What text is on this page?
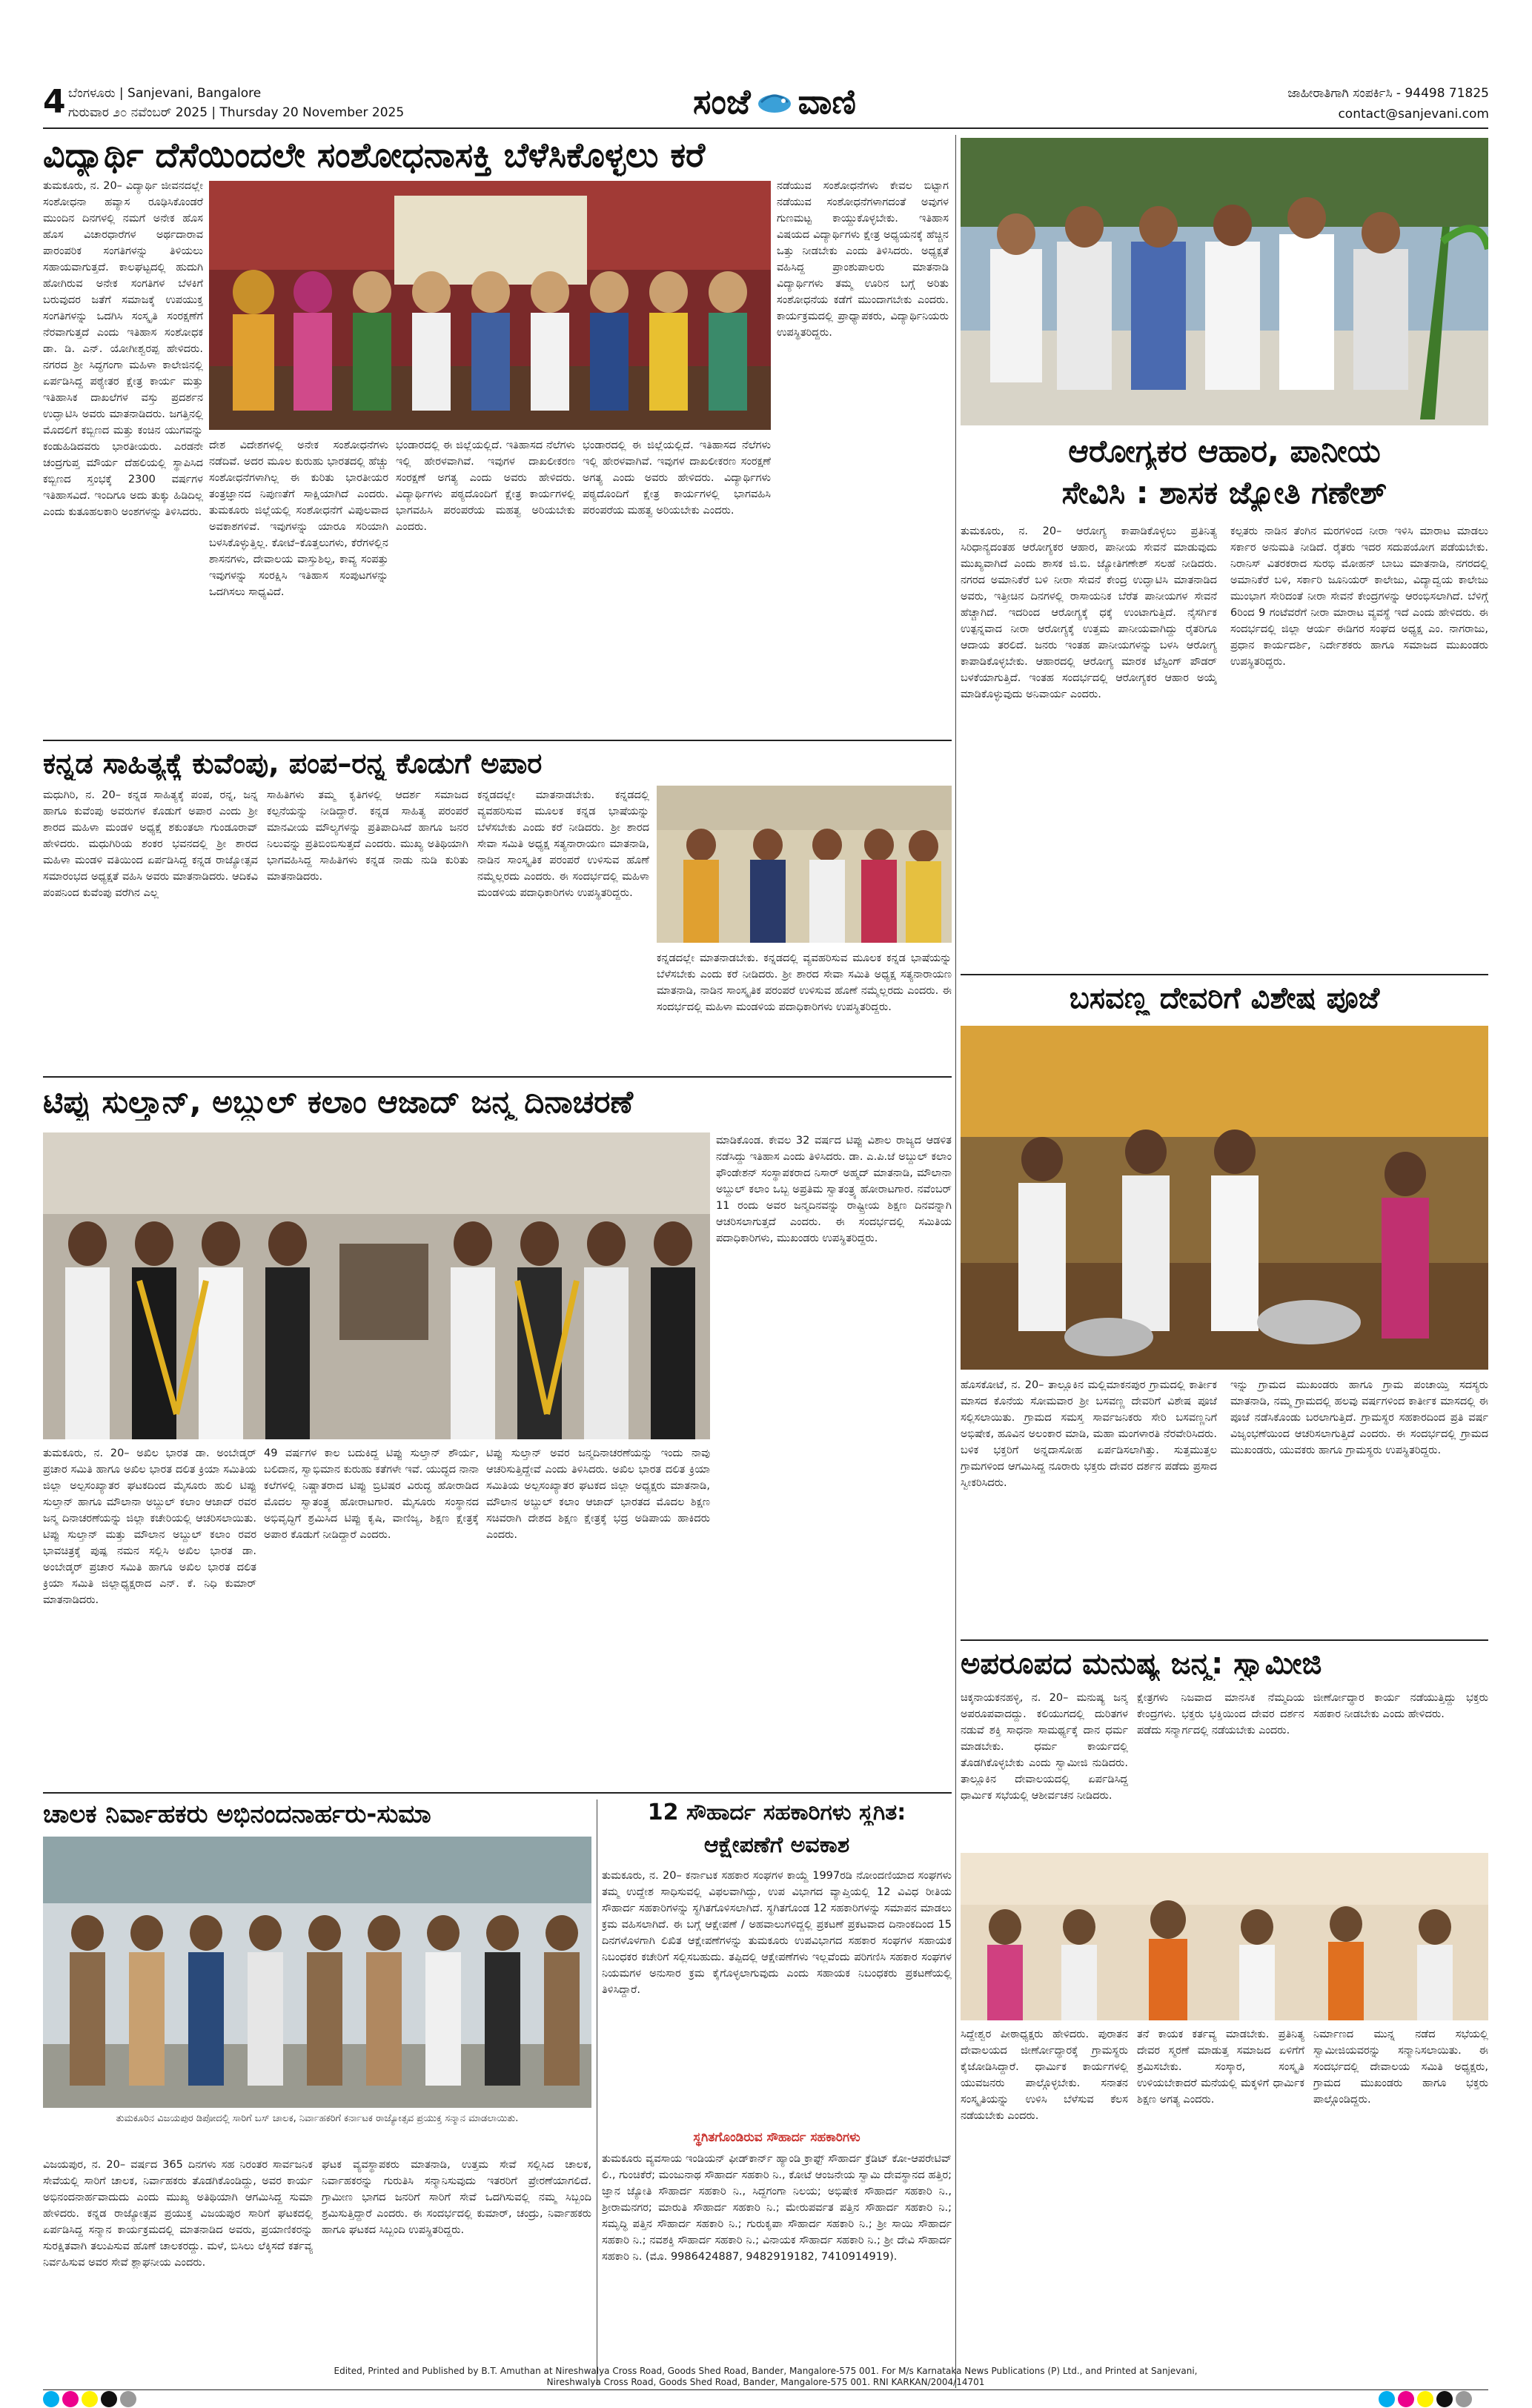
4 ಬೆಂಗಳೂರು | Sanjevani, Bangalore
ಗುರುವಾರ ೨೦ ನವೆಂಬರ್ 2025 | Thursday 20 November 2025	ಸಂಜೆ ವಾಣಿ	ಜಾಹೀರಾತಿಗಾಗಿ ಸಂಪರ್ಕಿಸಿ - 94498 71825
contact@sanjevani.com
ವಿದ್ಯಾರ್ಥಿ ದೆಸೆಯಿಂದಲೇ ಸಂಶೋಧನಾಸಕ್ತಿ ಬೆಳೆಸಿಕೊಳ್ಳಲು ಕರೆ
ತುಮಕೂರು, ನ. 20– ವಿದ್ಯಾರ್ಥಿ ಜೀವನದಲ್ಲೇ ಸಂಶೋಧನಾ ಹವ್ಯಾಸ ರೂಢಿಸಿಕೊಂಡರೆ ಮುಂದಿನ ದಿನಗಳಲ್ಲಿ ನಮಗೆ ಅನೇಕ ಹೊಸ ಹೊಸ ವಿಚಾರಧಾರೆಗಳ ಅರ್ಥದಾರಾವ ಪಾರಂಪರಿಕ ಸಂಗತಿಗಳನ್ನು ತಿಳಿಯಲು ಸಹಾಯವಾಗುತ್ತದೆ. ಕಾಲಘಟ್ಟದಲ್ಲಿ ಹುದುಗಿ ಹೋಗಿರುವ ಅನೇಕ ಸಂಗತಿಗಳ ಬೆಳಕಿಗೆ ಬರುವುದರ ಜತೆಗೆ ಸಮಾಜಕ್ಕೆ ಉಪಯುಕ್ತ ಸಂಗತಿಗಳನ್ನು ಒದಗಿಸಿ ಸಂಸ್ಕೃತಿ ಸಂರಕ್ಷಣೆಗೆ ನೆರವಾಗುತ್ತದೆ ಎಂದು ಇತಿಹಾಸ ಸಂಶೋಧಕ ಡಾ. ಡಿ. ಎನ್. ಯೋಗೀಶ್ವರಪ್ಪ ಹೇಳಿದರು. ನಗರದ ಶ್ರೀ ಸಿದ್ಧಗಂಗಾ ಮಹಿಳಾ ಕಾಲೇಜಿನಲ್ಲಿ ಏರ್ಪಡಿಸಿದ್ದ ಪಠ್ಯೇತರ ಕ್ಷೇತ್ರ ಕಾರ್ಯ ಮತ್ತು ಇತಿಹಾಸಿಕ ದಾಖಲೆಗಳ ವಸ್ತು ಪ್ರದರ್ಶನ ಉದ್ಘಾಟಿಸಿ ಅವರು ಮಾತನಾಡಿದರು. ಜಗತ್ತಿನಲ್ಲಿ ಮೊದಲಿಗೆ ಕಬ್ಬಿಣದ ಮತ್ತು ಕಂಚಿನ ಯುಗವನ್ನು ಕಂಡುಹಿಡಿದವರು ಭಾರತೀಯರು. ಎರಡನೇ ಚಂದ್ರಗುಪ್ತ ಮೌರ್ಯ ದೆಹಲಿಯಲ್ಲಿ ಸ್ಥಾಪಿಸಿದ ಕಬ್ಬಿಣದ ಸ್ತಂಭಕ್ಕೆ 2300 ವರ್ಷಗಳ ಇತಿಹಾಸವಿದೆ. ಇಂದಿಗೂ ಅದು ತುಕ್ಕು ಹಿಡಿದಿಲ್ಲ ಎಂದು ಕುತೂಹಲಕಾರಿ ಅಂಶಗಳನ್ನು ತಿಳಿಸಿದರು.
ದೇಶ ವಿದೇಶಗಳಲ್ಲಿ ಅನೇಕ ಸಂಶೋಧನೆಗಳು ನಡೆದಿವೆ. ಅದರ ಮೂಲ ಕುರುಹು ಭಾರತದಲ್ಲಿ ಹೆಚ್ಚು ಸಂಶೋಧನೆಗಳಾಗಿಲ್ಲ ಈ ಕುರಿತು ಭಾರತೀಯರ ತಂತ್ರಜ್ಞಾನದ ನಿಪುಣತೆಗೆ ಸಾಕ್ಷಿಯಾಗಿದೆ ಎಂದರು. ತುಮಕೂರು ಜಿಲ್ಲೆಯಲ್ಲಿ ಸಂಶೋಧನೆಗೆ ವಿಪುಲವಾದ ಅವಕಾಶಗಳಿವೆ. ಇವುಗಳನ್ನು ಯಾರೂ ಸರಿಯಾಗಿ ಬಳಸಿಕೊಳ್ಳುತ್ತಿಲ್ಲ. ಕೋಟೆ–ಕೊತ್ತಲುಗಳು, ಕೆರೆಗಳಲ್ಲಿನ ಶಾಸನಗಳು, ದೇವಾಲಯ ವಾಸ್ತುಶಿಲ್ಪ, ಕಾವ್ಯ ಸಂಪತ್ತು ಇವುಗಳನ್ನು ಸಂರಕ್ಷಿಸಿ ಇತಿಹಾಸ ಸಂಪುಟಗಳನ್ನು ಒದಗಿಸಲು ಸಾಧ್ಯವಿದೆ.
ಭಂಡಾರದಲ್ಲಿ ಈ ಜಿಲ್ಲೆಯಲ್ಲಿದೆ. ಇತಿಹಾಸದ ನೆಲೆಗಳು ಇಲ್ಲಿ ಹೇರಳವಾಗಿವೆ. ಇವುಗಳ ದಾಖಲೀಕರಣ ಸಂರಕ್ಷಣೆ ಅಗತ್ಯ ಎಂದು ಅವರು ಹೇಳಿದರು. ವಿದ್ಯಾರ್ಥಿಗಳು ಪಠ್ಯದೊಂದಿಗೆ ಕ್ಷೇತ್ರ ಕಾರ್ಯಗಳಲ್ಲಿ ಭಾಗವಹಿಸಿ ಪರಂಪರೆಯ ಮಹತ್ವ ಅರಿಯಬೇಕು ಎಂದರು.
ನಡೆಯುವ ಸಂಶೋಧನೆಗಳು ಕೇವಲ ಬಿಟ್ಟಾಗ ನಡೆಯುವ ಸಂಶೋಧನೆಗಳಾಗದಂತೆ ಅವುಗಳ ಗುಣಮಟ್ಟ ಕಾಯ್ದುಕೊಳ್ಳಬೇಕು. ಇತಿಹಾಸ ವಿಷಯದ ವಿದ್ಯಾರ್ಥಿಗಳು ಕ್ಷೇತ್ರ ಅಧ್ಯಯನಕ್ಕೆ ಹೆಚ್ಚಿನ ಒತ್ತು ನೀಡಬೇಕು ಎಂದು ತಿಳಿಸಿದರು. ಅಧ್ಯಕ್ಷತೆ ವಹಿಸಿದ್ದ ಪ್ರಾಂಶುಪಾಲರು ಮಾತನಾಡಿ ವಿದ್ಯಾರ್ಥಿಗಳು ತಮ್ಮ ಊರಿನ ಬಗ್ಗೆ ಅರಿತು ಸಂಶೋಧನೆಯ ಕಡೆಗೆ ಮುಂದಾಗಬೇಕು ಎಂದರು. ಕಾರ್ಯಕ್ರಮದಲ್ಲಿ ಪ್ರಾಧ್ಯಾಪಕರು, ವಿದ್ಯಾರ್ಥಿನಿಯರು ಉಪಸ್ಥಿತರಿದ್ದರು.
ಭಂಡಾರದಲ್ಲಿ ಈ ಜಿಲ್ಲೆಯಲ್ಲಿದೆ. ಇತಿಹಾಸದ ನೆಲೆಗಳು ಇಲ್ಲಿ ಹೇರಳವಾಗಿವೆ. ಇವುಗಳ ದಾಖಲೀಕರಣ ಸಂರಕ್ಷಣೆ ಅಗತ್ಯ ಎಂದು ಅವರು ಹೇಳಿದರು. ವಿದ್ಯಾರ್ಥಿಗಳು ಪಠ್ಯದೊಂದಿಗೆ ಕ್ಷೇತ್ರ ಕಾರ್ಯಗಳಲ್ಲಿ ಭಾಗವಹಿಸಿ ಪರಂಪರೆಯ ಮಹತ್ವ ಅರಿಯಬೇಕು ಎಂದರು.
ಆರೋಗ್ಯಕರ ಆಹಾರ, ಪಾನೀಯ
ಸೇವಿಸಿ : ಶಾಸಕ ಜ್ಯೋತಿ ಗಣೇಶ್
ತುಮಕೂರು, ನ. 20– ಆರೋಗ್ಯ ಕಾಪಾಡಿಕೊಳ್ಳಲು ಪ್ರತಿನಿತ್ಯ ಸಿರಿಧಾನ್ಯದಂತಹ ಆರೋಗ್ಯಕರ ಆಹಾರ, ಪಾನೀಯ ಸೇವನೆ ಮಾಡುವುದು ಮುಖ್ಯವಾಗಿದೆ ಎಂದು ಶಾಸಕ ಜಿ.ಬಿ. ಜ್ಯೋತಿಗಣೇಶ್ ಸಲಹೆ ನೀಡಿದರು. ನಗರದ ಅಮಾನಿಕೆರೆ ಬಳಿ ನೀರಾ ಸೇವನೆ ಕೇಂದ್ರ ಉದ್ಘಾಟಿಸಿ ಮಾತನಾಡಿದ ಅವರು, ಇತ್ತೀಚಿನ ದಿನಗಳಲ್ಲಿ ರಾಸಾಯನಿಕ ಬೆರೆತ ಪಾನೀಯಗಳ ಸೇವನೆ ಹೆಚ್ಚಾಗಿದೆ. ಇದರಿಂದ ಆರೋಗ್ಯಕ್ಕೆ ಧಕ್ಕೆ ಉಂಟಾಗುತ್ತಿದೆ. ನೈಸರ್ಗಿಕ ಉತ್ಪನ್ನವಾದ ನೀರಾ ಆರೋಗ್ಯಕ್ಕೆ ಉತ್ತಮ ಪಾನೀಯವಾಗಿದ್ದು ರೈತರಿಗೂ ಆದಾಯ ತರಲಿದೆ. ಜನರು ಇಂತಹ ಪಾನೀಯಗಳನ್ನು ಬಳಸಿ ಆರೋಗ್ಯ ಕಾಪಾಡಿಕೊಳ್ಳಬೇಕು. ಆಹಾರದಲ್ಲಿ ಆರೋಗ್ಯ ಮಾರಕ ಟೆಸ್ಟಿಂಗ್ ಪೌಡರ್ ಬಳಕೆಯಾಗುತ್ತಿದೆ. ಇಂತಹ ಸಂದರ್ಭದಲ್ಲಿ ಆರೋಗ್ಯಕರ ಆಹಾರ ಅಯ್ಕೆ ಮಾಡಿಕೊಳ್ಳುವುದು ಅನಿವಾರ್ಯ ಎಂದರು.
ಕಲ್ಪತರು ನಾಡಿನ ತೆಂಗಿನ ಮರಗಳಿಂದ ನೀರಾ ಇಳಿಸಿ ಮಾರಾಟ ಮಾಡಲು ಸರ್ಕಾರ ಅನುಮತಿ ನೀಡಿದೆ. ರೈತರು ಇದರ ಸದುಪಯೋಗ ಪಡೆಯಬೇಕು. ನಿರಾನಿಸ್ ವಿತರಕರಾದ ಸುರಭಿ ಮೋಹನ್ ಬಾಬು ಮಾತನಾಡಿ, ನಗರದಲ್ಲಿ ಅಮಾನಿಕೆರೆ ಬಳಿ, ಸರ್ಕಾರಿ ಜೂನಿಯರ್ ಕಾಲೇಜು, ವಿದ್ಯಾದ್ವಯ ಕಾಲೇಜು ಮುಂಭಾಗ ಸೇರಿದಂತೆ ನೀರಾ ಸೇವನೆ ಕೇಂದ್ರಗಳನ್ನು ಆರಂಭಿಸಲಾಗಿದೆ. ಬೆಳಿಗ್ಗೆ 6ರಿಂದ 9 ಗಂಟೆವರೆಗೆ ನೀರಾ ಮಾರಾಟ ವ್ಯವಸ್ಥೆ ಇದೆ ಎಂದು ಹೇಳಿದರು. ಈ ಸಂದರ್ಭದಲ್ಲಿ ಜಿಲ್ಲಾ ಆರ್ಯ ಈಡಿಗರ ಸಂಘದ ಅಧ್ಯಕ್ಷ ಎಂ. ನಾಗರಾಜು, ಪ್ರಧಾನ ಕಾರ್ಯದರ್ಶಿ, ನಿರ್ದೇಶಕರು ಹಾಗೂ ಸಮಾಜದ ಮುಖಂಡರು ಉಪಸ್ಥಿತರಿದ್ದರು.
ಕನ್ನಡ ಸಾಹಿತ್ಯಕ್ಕೆ ಕುವೆಂಪು, ಪಂಪ–ರನ್ನ ಕೊಡುಗೆ ಅಪಾರ
ಮಧುಗಿರಿ, ನ. 20– ಕನ್ನಡ ಸಾಹಿತ್ಯಕ್ಕೆ ಪಂಪ, ರನ್ನ, ಜನ್ನ ಹಾಗೂ ಕುವೆಂಪು ಅವರುಗಳ ಕೊಡುಗೆ ಅಪಾರ ಎಂದು ಶ್ರೀ ಶಾರದ ಮಹಿಳಾ ಮಂಡಳಿ ಅಧ್ಯಕ್ಷೆ ಶಕುಂತಲಾ ಗುಂಡೂರಾವ್ ಹೇಳಿದರು. ಮಧುಗಿರಿಯ ಶಂಕರ ಭವನದಲ್ಲಿ ಶ್ರೀ ಶಾರದ ಮಹಿಳಾ ಮಂಡಳಿ ವತಿಯಿಂದ ಏರ್ಪಡಿಸಿದ್ದ ಕನ್ನಡ ರಾಜ್ಯೋತ್ಸವ ಸಮಾರಂಭದ ಅಧ್ಯಕ್ಷತೆ ವಹಿಸಿ ಅವರು ಮಾತನಾಡಿದರು. ಆದಿಕವಿ ಪಂಪನಿಂದ ಕುವೆಂಪು ವರೆಗಿನ ಎಲ್ಲ
ಸಾಹಿತಿಗಳು ತಮ್ಮ ಕೃತಿಗಳಲ್ಲಿ ಆದರ್ಶ ಸಮಾಜದ ಕಲ್ಪನೆಯನ್ನು ನೀಡಿದ್ದಾರೆ. ಕನ್ನಡ ಸಾಹಿತ್ಯ ಪರಂಪರೆ ಮಾನವೀಯ ಮೌಲ್ಯಗಳನ್ನು ಪ್ರತಿಪಾದಿಸಿದೆ ಹಾಗೂ ಜನರ ನಿಲುವನ್ನು ಪ್ರತಿಬಿಂಬಿಸುತ್ತದೆ ಎಂದರು. ಮುಖ್ಯ ಅತಿಥಿಯಾಗಿ ಭಾಗವಹಿಸಿದ್ದ ಸಾಹಿತಿಗಳು ಕನ್ನಡ ನಾಡು ನುಡಿ ಕುರಿತು ಮಾತನಾಡಿದರು.
ಕನ್ನಡದಲ್ಲೇ ಮಾತನಾಡಬೇಕು. ಕನ್ನಡದಲ್ಲಿ ವ್ಯವಹರಿಸುವ ಮೂಲಕ ಕನ್ನಡ ಭಾಷೆಯನ್ನು ಬೆಳೆಸಬೇಕು ಎಂದು ಕರೆ ನೀಡಿದರು. ಶ್ರೀ ಶಾರದ ಸೇವಾ ಸಮಿತಿ ಅಧ್ಯಕ್ಷ ಸತ್ಯನಾರಾಯಣ ಮಾತನಾಡಿ, ನಾಡಿನ ಸಾಂಸ್ಕೃತಿಕ ಪರಂಪರೆ ಉಳಿಸುವ ಹೊಣೆ ನಮ್ಮೆಲ್ಲರದು ಎಂದರು. ಈ ಸಂದರ್ಭದಲ್ಲಿ ಮಹಿಳಾ ಮಂಡಳಿಯ ಪದಾಧಿಕಾರಿಗಳು ಉಪಸ್ಥಿತರಿದ್ದರು.
ಕನ್ನಡದಲ್ಲೇ ಮಾತನಾಡಬೇಕು. ಕನ್ನಡದಲ್ಲಿ ವ್ಯವಹರಿಸುವ ಮೂಲಕ ಕನ್ನಡ ಭಾಷೆಯನ್ನು ಬೆಳೆಸಬೇಕು ಎಂದು ಕರೆ ನೀಡಿದರು. ಶ್ರೀ ಶಾರದ ಸೇವಾ ಸಮಿತಿ ಅಧ್ಯಕ್ಷ ಸತ್ಯನಾರಾಯಣ ಮಾತನಾಡಿ, ನಾಡಿನ ಸಾಂಸ್ಕೃತಿಕ ಪರಂಪರೆ ಉಳಿಸುವ ಹೊಣೆ ನಮ್ಮೆಲ್ಲರದು ಎಂದರು. ಈ ಸಂದರ್ಭದಲ್ಲಿ ಮಹಿಳಾ ಮಂಡಳಿಯ ಪದಾಧಿಕಾರಿಗಳು ಉಪಸ್ಥಿತರಿದ್ದರು.
ಟಿಪ್ಪು ಸುಲ್ತಾನ್, ಅಬ್ದುಲ್ ಕಲಾಂ ಆಜಾದ್ ಜನ್ಮ ದಿನಾಚರಣೆ
ಮಾಡಿಕೊಂಡ. ಕೇವಲ 32 ವರ್ಷದ ಟಿಪ್ಪು ವಿಶಾಲ ರಾಜ್ಯದ ಆಡಳಿತ ನಡೆಸಿದ್ದು ಇತಿಹಾಸ ಎಂದು ತಿಳಿಸಿದರು. ಡಾ. ಎ.ಪಿ.ಜೆ ಅಬ್ದುಲ್ ಕಲಾಂ ಫೌಂಡೇಶನ್ ಸಂಸ್ಥಾಪಕರಾದ ನಿಸಾರ್ ಅಹ್ಮದ್ ಮಾತನಾಡಿ, ಮೌಲಾನಾ ಅಬ್ದುಲ್ ಕಲಾಂ ಒಬ್ಬ ಅಪ್ರತಿಮ ಸ್ವಾತಂತ್ರ್ಯ ಹೋರಾಟಗಾರ. ನವೆಂಬರ್ 11 ರಂದು ಅವರ ಜನ್ಮದಿನವನ್ನು ರಾಷ್ಟ್ರೀಯ ಶಿಕ್ಷಣ ದಿನವನ್ನಾಗಿ ಆಚರಿಸಲಾಗುತ್ತದೆ ಎಂದರು. ಈ ಸಂದರ್ಭದಲ್ಲಿ ಸಮಿತಿಯ ಪದಾಧಿಕಾರಿಗಳು, ಮುಖಂಡರು ಉಪಸ್ಥಿತರಿದ್ದರು.
ತುಮಕೂರು, ನ. 20– ಅಖಿಲ ಭಾರತ ಡಾ. ಅಂಬೇಡ್ಕರ್ ಪ್ರಚಾರ ಸಮಿತಿ ಹಾಗೂ ಅಖಿಲ ಭಾರತ ದಲಿತ ಕ್ರಿಯಾ ಸಮಿತಿಯ ಜಿಲ್ಲಾ ಅಲ್ಪಸಂಖ್ಯಾತರ ಘಟಕದಿಂದ ಮೈಸೂರು ಹುಲಿ ಟಿಪ್ಪು ಸುಲ್ತಾನ್ ಹಾಗೂ ಮೌಲಾನಾ ಅಬ್ದುಲ್ ಕಲಾಂ ಆಜಾದ್ ರವರ ಜನ್ಮ ದಿನಾಚರಣೆಯನ್ನು ಜಿಲ್ಲಾ ಕಚೇರಿಯಲ್ಲಿ ಆಚರಿಸಲಾಯಿತು. ಟಿಪ್ಪು ಸುಲ್ತಾನ್ ಮತ್ತು ಮೌಲಾನ ಅಬ್ದುಲ್ ಕಲಾಂ ರವರ ಭಾವಚಿತ್ರಕ್ಕೆ ಪುಷ್ಪ ನಮನ ಸಲ್ಲಿಸಿ ಅಖಿಲ ಭಾರತ ಡಾ. ಅಂಬೇಡ್ಕರ್ ಪ್ರಚಾರ ಸಮಿತಿ ಹಾಗೂ ಅಖಿಲ ಭಾರತ ದಲಿತ ಕ್ರಿಯಾ ಸಮಿತಿ ಜಿಲ್ಲಾಧ್ಯಕ್ಷರಾದ ಎನ್. ಕೆ. ನಿಧಿ ಕುಮಾರ್ ಮಾತನಾಡಿದರು.
49 ವರ್ಷಗಳ ಕಾಲ ಬದುಕಿದ್ದ ಟಿಪ್ಪು ಸುಲ್ತಾನ್ ಶೌರ್ಯ, ಬಲಿದಾನ, ಸ್ವಾಭಿಮಾನ ಕುರುಹು ಕತೆಗಳೇ ಇವೆ. ಯುದ್ಧದ ನಾನಾ ಕಲೆಗಳಲ್ಲಿ ನಿಷ್ಣಾತರಾದ ಟಿಪ್ಪು ಬ್ರಿಟಿಷರ ವಿರುದ್ಧ ಹೋರಾಡಿದ ಮೊದಲ ಸ್ವಾತಂತ್ರ್ಯ ಹೋರಾಟಗಾರ. ಮೈಸೂರು ಸಂಸ್ಥಾನದ ಅಭಿವೃದ್ಧಿಗೆ ಶ್ರಮಿಸಿದ ಟಿಪ್ಪು ಕೃಷಿ, ವಾಣಿಜ್ಯ, ಶಿಕ್ಷಣ ಕ್ಷೇತ್ರಕ್ಕೆ ಅಪಾರ ಕೊಡುಗೆ ನೀಡಿದ್ದಾರೆ ಎಂದರು.
ಟಿಪ್ಪು ಸುಲ್ತಾನ್ ಅವರ ಜನ್ಮದಿನಾಚರಣೆಯನ್ನು ಇಂದು ನಾವು ಆಚರಿಸುತ್ತಿದ್ದೇವೆ ಎಂದು ತಿಳಿಸಿದರು. ಅಖಿಲ ಭಾರತ ದಲಿತ ಕ್ರಿಯಾ ಸಮಿತಿಯ ಅಲ್ಪಸಂಖ್ಯಾತರ ಘಟಕದ ಜಿಲ್ಲಾ ಅಧ್ಯಕ್ಷರು ಮಾತನಾಡಿ, ಮೌಲಾನ ಅಬ್ದುಲ್ ಕಲಾಂ ಆಜಾದ್ ಭಾರತದ ಮೊದಲ ಶಿಕ್ಷಣ ಸಚಿವರಾಗಿ ದೇಶದ ಶಿಕ್ಷಣ ಕ್ಷೇತ್ರಕ್ಕೆ ಭದ್ರ ಅಡಿಪಾಯ ಹಾಕಿದರು ಎಂದರು.
ಬಸವಣ್ಣ ದೇವರಿಗೆ ವಿಶೇಷ ಪೂಜೆ
ಹೊಸಕೋಟೆ, ನ. 20– ತಾಲ್ಲೂಕಿನ ಮಲ್ಲಿಮಾಕನಪುರ ಗ್ರಾಮದಲ್ಲಿ ಕಾರ್ತೀಕ ಮಾಸದ ಕೊನೆಯ ಸೋಮವಾರ ಶ್ರೀ ಬಸವಣ್ಣ ದೇವರಿಗೆ ವಿಶೇಷ ಪೂಜೆ ಸಲ್ಲಿಸಲಾಯಿತು. ಗ್ರಾಮದ ಸಮಸ್ತ ಸಾರ್ವಜನಿಕರು ಸೇರಿ ಬಸವಣ್ಣನಿಗೆ ಅಭಿಷೇಕ, ಹೂವಿನ ಅಲಂಕಾರ ಮಾಡಿ, ಮಹಾ ಮಂಗಳಾರತಿ ನೆರವೇರಿಸಿದರು. ಬಳಿಕ ಭಕ್ತರಿಗೆ ಅನ್ನದಾಸೋಹ ಏರ್ಪಡಿಸಲಾಗಿತ್ತು. ಸುತ್ತಮುತ್ತಲ ಗ್ರಾಮಗಳಿಂದ ಆಗಮಿಸಿದ್ದ ನೂರಾರು ಭಕ್ತರು ದೇವರ ದರ್ಶನ ಪಡೆದು ಪ್ರಸಾದ ಸ್ವೀಕರಿಸಿದರು.
ಇನ್ನು ಗ್ರಾಮದ ಮುಖಂಡರು ಹಾಗೂ ಗ್ರಾಮ ಪಂಚಾಯ್ತಿ ಸದಸ್ಯರು ಮಾತನಾಡಿ, ನಮ್ಮ ಗ್ರಾಮದಲ್ಲಿ ಹಲವು ವರ್ಷಗಳಿಂದ ಕಾರ್ತೀಕ ಮಾಸದಲ್ಲಿ ಈ ಪೂಜೆ ನಡೆಸಿಕೊಂಡು ಬರಲಾಗುತ್ತಿದೆ. ಗ್ರಾಮಸ್ಥರ ಸಹಕಾರದಿಂದ ಪ್ರತಿ ವರ್ಷ ವಿಜೃಂಭಣೆಯಿಂದ ಆಚರಿಸಲಾಗುತ್ತಿದೆ ಎಂದರು. ಈ ಸಂದರ್ಭದಲ್ಲಿ ಗ್ರಾಮದ ಮುಖಂಡರು, ಯುವಕರು ಹಾಗೂ ಗ್ರಾಮಸ್ಥರು ಉಪಸ್ಥಿತರಿದ್ದರು.
ಚಾಲಕ ನಿರ್ವಾಹಕರು ಅಭಿನಂದನಾರ್ಹರು-ಸುಮಾ
ತುಮಕೂರಿನ ವಿಜಯಪುರ ಡಿಪೋದಲ್ಲಿ ಸಾರಿಗೆ ಬಸ್ ಚಾಲಕ, ನಿರ್ವಾಹಕರಿಗೆ ಕರ್ನಾಟಕ ರಾಜ್ಯೋತ್ಸವ ಪ್ರಯುಕ್ತ ಸನ್ಮಾನ ಮಾಡಲಾಯಿತು.
ವಿಜಯಪುರ, ನ. 20– ವರ್ಷದ 365 ದಿನಗಳು ಸಹ ನಿರಂತರ ಸಾರ್ವಜನಿಕ ಸೇವೆಯಲ್ಲಿ ಸಾರಿಗೆ ಚಾಲಕ, ನಿರ್ವಾಹಕರು ತೊಡಗಿಕೊಂಡಿದ್ದು, ಅವರ ಕಾರ್ಯ ಅಭಿನಂದನಾರ್ಹವಾದುದು ಎಂದು ಮುಖ್ಯ ಅತಿಥಿಯಾಗಿ ಆಗಮಿಸಿದ್ದ ಸುಮಾ ಹೇಳಿದರು. ಕನ್ನಡ ರಾಜ್ಯೋತ್ಸವ ಪ್ರಯುಕ್ತ ವಿಜಯಪುರ ಸಾರಿಗೆ ಘಟಕದಲ್ಲಿ ಏರ್ಪಡಿಸಿದ್ದ ಸನ್ಮಾನ ಕಾರ್ಯಕ್ರಮದಲ್ಲಿ ಮಾತನಾಡಿದ ಅವರು, ಪ್ರಯಾಣಿಕರನ್ನು ಸುರಕ್ಷಿತವಾಗಿ ತಲುಪಿಸುವ ಹೊಣೆ ಚಾಲಕರದ್ದು. ಮಳೆ, ಬಿಸಿಲು ಲೆಕ್ಕಿಸದೆ ಕರ್ತವ್ಯ ನಿರ್ವಹಿಸುವ ಅವರ ಸೇವೆ ಶ್ಲಾಘನೀಯ ಎಂದರು.
ಘಟಕ ವ್ಯವಸ್ಥಾಪಕರು ಮಾತನಾಡಿ, ಉತ್ತಮ ಸೇವೆ ಸಲ್ಲಿಸಿದ ಚಾಲಕ, ನಿರ್ವಾಹಕರನ್ನು ಗುರುತಿಸಿ ಸನ್ಮಾನಿಸುವುದು ಇತರರಿಗೆ ಪ್ರೇರಣೆಯಾಗಲಿದೆ. ಗ್ರಾಮೀಣ ಭಾಗದ ಜನರಿಗೆ ಸಾರಿಗೆ ಸೇವೆ ಒದಗಿಸುವಲ್ಲಿ ನಮ್ಮ ಸಿಬ್ಬಂದಿ ಶ್ರಮಿಸುತ್ತಿದ್ದಾರೆ ಎಂದರು. ಈ ಸಂದರ್ಭದಲ್ಲಿ ಕುಮಾರ್, ಚಂದ್ರು, ನಿರ್ವಾಹಕರು ಹಾಗೂ ಘಟಕದ ಸಿಬ್ಬಂದಿ ಉಪಸ್ಥಿತರಿದ್ದರು.
12 ಸೌಹಾರ್ದ ಸಹಕಾರಿಗಳು ಸ್ಥಗಿತ:
ಆಕ್ಷೇಪಣೆಗೆ ಅವಕಾಶ
ತುಮಕೂರು, ನ. 20– ಕರ್ನಾಟಕ ಸಹಕಾರ ಸಂಘಗಳ ಕಾಯ್ದೆ 1997ರಡಿ ನೋಂದಣಿಯಾದ ಸಂಘಗಳು ತಮ್ಮ ಉದ್ದೇಶ ಸಾಧಿಸುವಲ್ಲಿ ವಿಫಲವಾಗಿದ್ದು, ಉಪ ವಿಭಾಗದ ವ್ಯಾಪ್ತಿಯಲ್ಲಿ 12 ವಿವಿಧ ರೀತಿಯ ಸೌಹಾರ್ದ ಸಹಕಾರಿಗಳನ್ನು ಸ್ಥಗಿತಗೊಳಿಸಲಾಗಿದೆ. ಸ್ಥಗಿತಗೊಂಡ 12 ಸಹಕಾರಿಗಳನ್ನು ಸಮಾಪನ ಮಾಡಲು ಕ್ರಮ ವಹಿಸಲಾಗಿದೆ. ಈ ಬಗ್ಗೆ ಆಕ್ಷೇಪಣೆ / ಅಹವಾಲುಗಳಿದ್ದಲ್ಲಿ ಪ್ರಕಟಣೆ ಪ್ರಕಟವಾದ ದಿನಾಂಕದಿಂದ 15 ದಿನಗಳೊಳಗಾಗಿ ಲಿಖಿತ ಆಕ್ಷೇಪಣೆಗಳನ್ನು ತುಮಕೂರು ಉಪವಿಭಾಗದ ಸಹಕಾರ ಸಂಘಗಳ ಸಹಾಯಕ ನಿಬಂಧಕರ ಕಚೇರಿಗೆ ಸಲ್ಲಿಸಬಹುದು. ತಪ್ಪಿದಲ್ಲಿ ಆಕ್ಷೇಪಣೆಗಳು ಇಲ್ಲವೆಂದು ಪರಿಗಣಿಸಿ ಸಹಕಾರ ಸಂಘಗಳ ನಿಯಮಗಳ ಅನುಸಾರ ಕ್ರಮ ಕೈಗೊಳ್ಳಲಾಗುವುದು ಎಂದು ಸಹಾಯಕ ನಿಬಂಧಕರು ಪ್ರಕಟಣೆಯಲ್ಲಿ ತಿಳಿಸಿದ್ದಾರೆ.
ಸ್ಥಗಿತಗೊಂಡಿರುವ ಸೌಹಾರ್ದ ಸಹಕಾರಿಗಳು
ತುಮಕೂರು ವ್ಯವಸಾಯ ಇಂಡಿಯನ್ ಫೀಡ್‌ಕಾರ್ನ್ ಹ್ಯಾಂಡಿ ಕ್ರಾಫ್ಟ್ ಸೌಹಾರ್ದ ಕ್ರೆಡಿಟ್ ಕೋ-ಆಪರೇಟಿವ್ ಲಿ., ಗುಂಚಿಕೆರೆ; ಮಂಜುನಾಥ ಸೌಹಾರ್ದ ಸಹಕಾರಿ ನಿ., ಕೋಟೆ ಆಂಜನೇಯ ಸ್ವಾಮಿ ದೇವಸ್ಥಾನದ ಹತ್ತಿರ; ಜ್ಞಾನ ಜ್ಯೋತಿ ಸೌಹಾರ್ದ ಸಹಕಾರಿ ನಿ., ಸಿದ್ದಗಂಗಾ ನಿಲಯ; ಅಭಿಷೇಕ ಸೌಹಾರ್ದ ಸಹಕಾರಿ ನಿ., ಶ್ರೀರಾಮನಗರ; ಮಾರುತಿ ಸೌಹಾರ್ದ ಸಹಕಾರಿ ನಿ.; ಮೇರುಪರ್ವತ ಪತ್ತಿನ ಸೌಹಾರ್ದ ಸಹಕಾರಿ ನಿ.; ಸಮೃದ್ಧಿ ಪತ್ತಿನ ಸೌಹಾರ್ದ ಸಹಕಾರಿ ನಿ.; ಗುರುಕೃಪಾ ಸೌಹಾರ್ದ ಸಹಕಾರಿ ನಿ.; ಶ್ರೀ ಸಾಯಿ ಸೌಹಾರ್ದ ಸಹಕಾರಿ ನಿ.; ನವಶಕ್ತಿ ಸೌಹಾರ್ದ ಸಹಕಾರಿ ನಿ.; ವಿನಾಯಕ ಸೌಹಾರ್ದ ಸಹಕಾರಿ ನಿ.; ಶ್ರೀ ದೇವಿ ಸೌಹಾರ್ದ ಸಹಕಾರಿ ನಿ. (ಮೊ. 9986424887, 9482919182, 7410914919).
ಅಪರೂಪದ ಮನುಷ್ಯ ಜನ್ಮ: ಸ್ವಾಮೀಜಿ
ಚಿಕ್ಕನಾಯಕನಹಳ್ಳಿ, ನ. 20– ಮನುಷ್ಯ ಜನ್ಮ ಅಪರೂಪವಾದದ್ದು. ಕಲಿಯುಗದಲ್ಲಿ ದುರಿತಗಳ ನಡುವೆ ಶಕ್ತಿ ಸಾಧನಾ ಸಾಮರ್ಥ್ಯಕ್ಕೆ ದಾನ ಧರ್ಮ ಮಾಡಬೇಕು. ಧರ್ಮ ಕಾರ್ಯದಲ್ಲಿ ತೊಡಗಿಕೊಳ್ಳಬೇಕು ಎಂದು ಸ್ವಾಮೀಜಿ ನುಡಿದರು. ತಾಲ್ಲೂಕಿನ ದೇವಾಲಯದಲ್ಲಿ ಏರ್ಪಡಿಸಿದ್ದ ಧಾರ್ಮಿಕ ಸಭೆಯಲ್ಲಿ ಆಶೀರ್ವಚನ ನೀಡಿದರು.
ಕ್ಷೇತ್ರಗಳು ನಿಜವಾದ ಮಾನಸಿಕ ನೆಮ್ಮದಿಯ ಕೇಂದ್ರಗಳು. ಭಕ್ತರು ಭಕ್ತಿಯಿಂದ ದೇವರ ದರ್ಶನ ಪಡೆದು ಸನ್ಮಾರ್ಗದಲ್ಲಿ ನಡೆಯಬೇಕು ಎಂದರು.
ಜೀರ್ಣೋದ್ಧಾರ ಕಾರ್ಯ ನಡೆಯುತ್ತಿದ್ದು ಭಕ್ತರು ಸಹಕಾರ ನೀಡಬೇಕು ಎಂದು ಹೇಳಿದರು.
ಸಿದ್ದೇಶ್ವರ ಪೀಠಾಧ್ಯಕ್ಷರು ಹೇಳಿದರು. ಪುರಾತನ ದೇವಾಲಯದ ಜೀರ್ಣೋದ್ಧಾರಕ್ಕೆ ಗ್ರಾಮಸ್ಥರು ಕೈಜೋಡಿಸಿದ್ದಾರೆ. ಧಾರ್ಮಿಕ ಕಾರ್ಯಗಳಲ್ಲಿ ಯುವಜನರು ಪಾಲ್ಗೊಳ್ಳಬೇಕು. ಸನಾತನ ಸಂಸ್ಕೃತಿಯನ್ನು ಉಳಿಸಿ ಬೆಳೆಸುವ ಕೆಲಸ ನಡೆಯಬೇಕು ಎಂದರು.
ತನೆ ಕಾಯಕ ಕರ್ತವ್ಯ ಮಾಡಬೇಕು. ಪ್ರತಿನಿತ್ಯ ದೇವರ ಸ್ಮರಣೆ ಮಾಡುತ್ತ ಸಮಾಜದ ಏಳಿಗೆಗೆ ಶ್ರಮಿಸಬೇಕು. ಸಂಸ್ಕಾರ, ಸಂಸ್ಕೃತಿ ಉಳಿಯಬೇಕಾದರೆ ಮನೆಯಲ್ಲಿ ಮಕ್ಕಳಿಗೆ ಧಾರ್ಮಿಕ ಶಿಕ್ಷಣ ಅಗತ್ಯ ಎಂದರು.
ನಿರ್ಮಾಣದ ಮುನ್ನ ನಡೆದ ಸಭೆಯಲ್ಲಿ ಸ್ವಾಮೀಜಿಯವರನ್ನು ಸನ್ಮಾನಿಸಲಾಯಿತು. ಈ ಸಂದರ್ಭದಲ್ಲಿ ದೇವಾಲಯ ಸಮಿತಿ ಅಧ್ಯಕ್ಷರು, ಗ್ರಾಮದ ಮುಖಂಡರು ಹಾಗೂ ಭಕ್ತರು ಪಾಲ್ಗೊಂಡಿದ್ದರು.
Edited, Printed and Published by B.T. Amuthan at Nireshwalya Cross Road, Goods Shed Road, Bander, Mangalore-575 001. For M/s Karnataka News Publications (P) Ltd., and Printed at Sanjevani,
Nireshwalya Cross Road, Goods Shed Road, Bander, Mangalore-575 001. RNI KARKAN/2004/14701
